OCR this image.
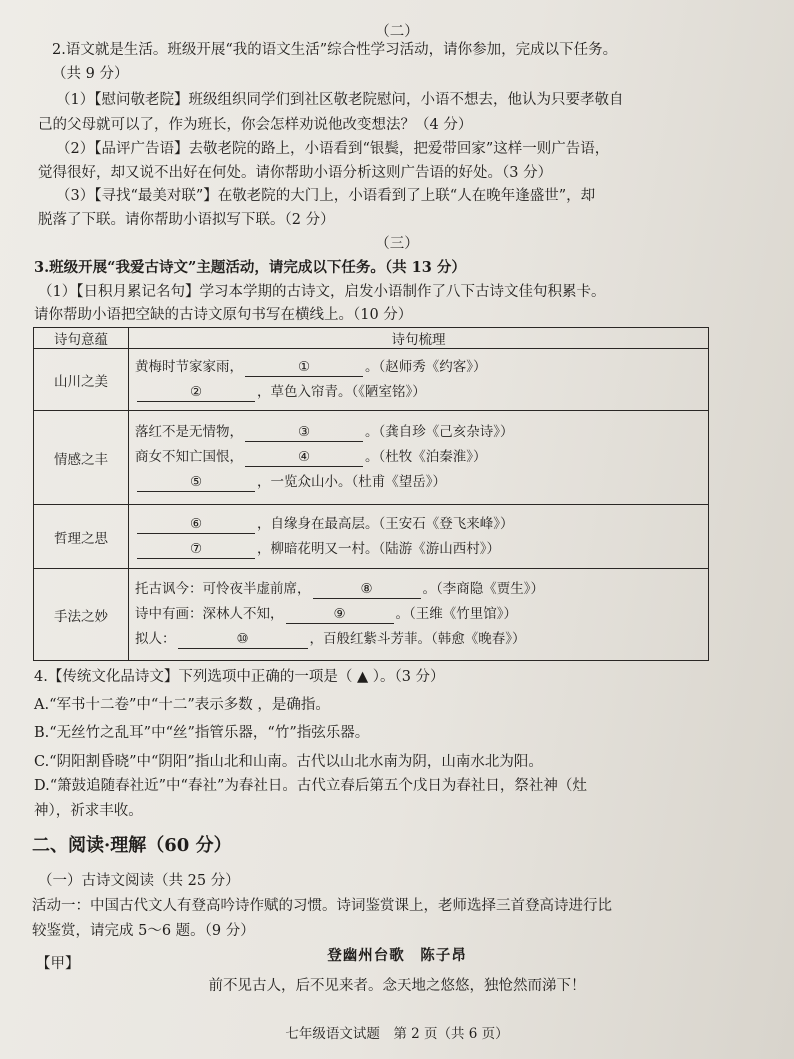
（二）
2.语文就是生活。班级开展“我的语文生活”综合性学习活动，请你参加，完成以下任务。
（共 9 分）
（1）【慰问敬老院】班级组织同学们到社区敬老院慰问，小语不想去，他认为只要孝敬自
己的父母就可以了，作为班长，你会怎样劝说他改变想法？（4 分）
（2）【品评广告语】去敬老院的路上，小语看到“银鬓，把爱带回家”这样一则广告语，
觉得很好，却又说不出好在何处。请你帮助小语分析这则广告语的好处。（3 分）
（3）【寻找“最美对联”】在敬老院的大门上，小语看到了上联“人在晚年逢盛世”，却
脱落了下联。请你帮助小语拟写下联。（2 分）
（三）
3.班级开展“我爱古诗文”主题活动，请完成以下任务。（共 13 分）
（1）【日积月累记名句】学习本学期的古诗文，启发小语制作了八下古诗文佳句积累卡。
请你帮助小语把空缺的古诗文原句书写在横线上。（10 分）
诗句意蕴	诗句梳理
山川之美	黄梅时节家家雨， ① 。（赵师秀《约客》）
② ，草色入帘青。（《陋室铭》）

情感之丰	落红不是无情物， ③ 。（龚自珍《己亥杂诗》）
商女不知亡国恨， ④ 。（杜牧《泊秦淮》）
⑤ ，一览众山小。（杜甫《望岳》）

哲理之思	⑥ ，自缘身在最高层。（王安石《登飞来峰》）
⑦ ，柳暗花明又一村。（陆游《游山西村》）

手法之妙	托古讽今：可怜夜半虚前席， ⑧ 。（李商隐《贾生》）
诗中有画：深林人不知， ⑨ 。（王维《竹里馆》）
拟人： ⑩ ，百般红紫斗芳菲。（韩愈《晚春》）
4.【传统文化品诗文】下列选项中正确的一项是（ ▲ ）。（3 分）
A.“军书十二卷”中“十二”表示多数 ，是确指。
B.“无丝竹之乱耳”中“丝”指管乐器，“竹”指弦乐器。
C.“阴阳割昏晓”中“阴阳”指山北和山南。古代以山北水南为阴，山南水北为阳。
D.“箫鼓追随春社近”中“春社”为春社日。古代立春后第五个戊日为春社日，祭社神（灶
神），祈求丰收。
二、阅读·理解（60 分）
（一）古诗文阅读（共 25 分）
活动一：中国古代文人有登高吟诗作赋的习惯。诗词鉴赏课上，老师选择三首登高诗进行比
较鉴赏，请完成 5～6 题。（9 分）
【甲】	登幽州台歌　陈子昂
前不见古人，后不见来者。念天地之悠悠，独怆然而涕下！
七年级语文试题　第 2 页（共 6 页）
